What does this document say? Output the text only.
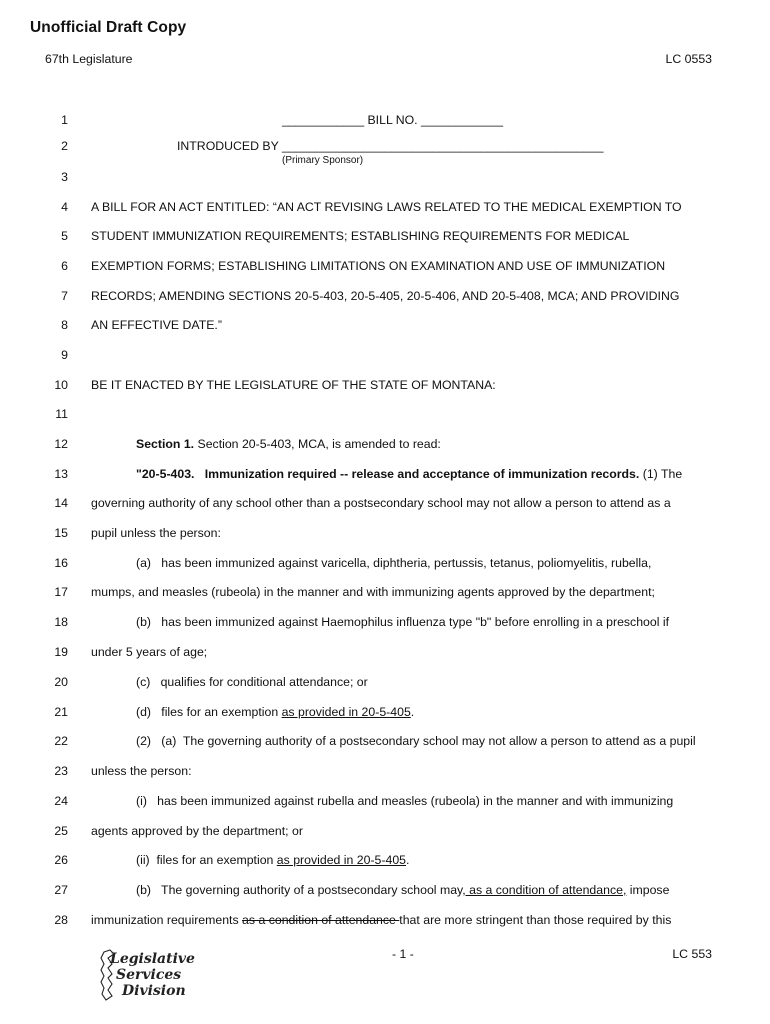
Unofficial Draft Copy
67th Legislature	LC 0553
1	____________ BILL NO. ____________
2	INTRODUCED BY _______________________________________________
(Primary Sponsor)
3
4 A BILL FOR AN ACT ENTITLED: “AN ACT REVISING LAWS RELATED TO THE MEDICAL EXEMPTION TO
5 STUDENT IMMUNIZATION REQUIREMENTS; ESTABLISHING REQUIREMENTS FOR MEDICAL
6 EXEMPTION FORMS; ESTABLISHING LIMITATIONS ON EXAMINATION AND USE OF IMMUNIZATION
7 RECORDS; AMENDING SECTIONS 20-5-403, 20-5-405, 20-5-406, AND 20-5-408, MCA; AND PROVIDING
8 AN EFFECTIVE DATE.”
9
10 BE IT ENACTED BY THE LEGISLATURE OF THE STATE OF MONTANA:
11
12	Section 1. Section 20-5-403, MCA, is amended to read:
13	"20-5-403.   Immunization required -- release and acceptance of immunization records. (1) The
14 governing authority of any school other than a postsecondary school may not allow a person to attend as a
15 pupil unless the person:
16	(a)   has been immunized against varicella, diphtheria, pertussis, tetanus, poliomyelitis, rubella,
17 mumps, and measles (rubeola) in the manner and with immunizing agents approved by the department;
18	(b)   has been immunized against Haemophilus influenza type "b" before enrolling in a preschool if
19 under 5 years of age;
20	(c)   qualifies for conditional attendance; or
21	(d)   files for an exemption as provided in 20-5-405.
22	(2)   (a)  The governing authority of a postsecondary school may not allow a person to attend as a pupil
23 unless the person:
24	(i)   has been immunized against rubella and measles (rubeola) in the manner and with immunizing
25 agents approved by the department; or
26	(ii)  files for an exemption as provided in 20-5-405.
27	(b)   The governing authority of a postsecondary school may, as a condition of attendance, impose
28 immunization requirements as a condition of attendance that are more stringent than those required by this
Legislative
Services
Division
- 1 -	LC 553
